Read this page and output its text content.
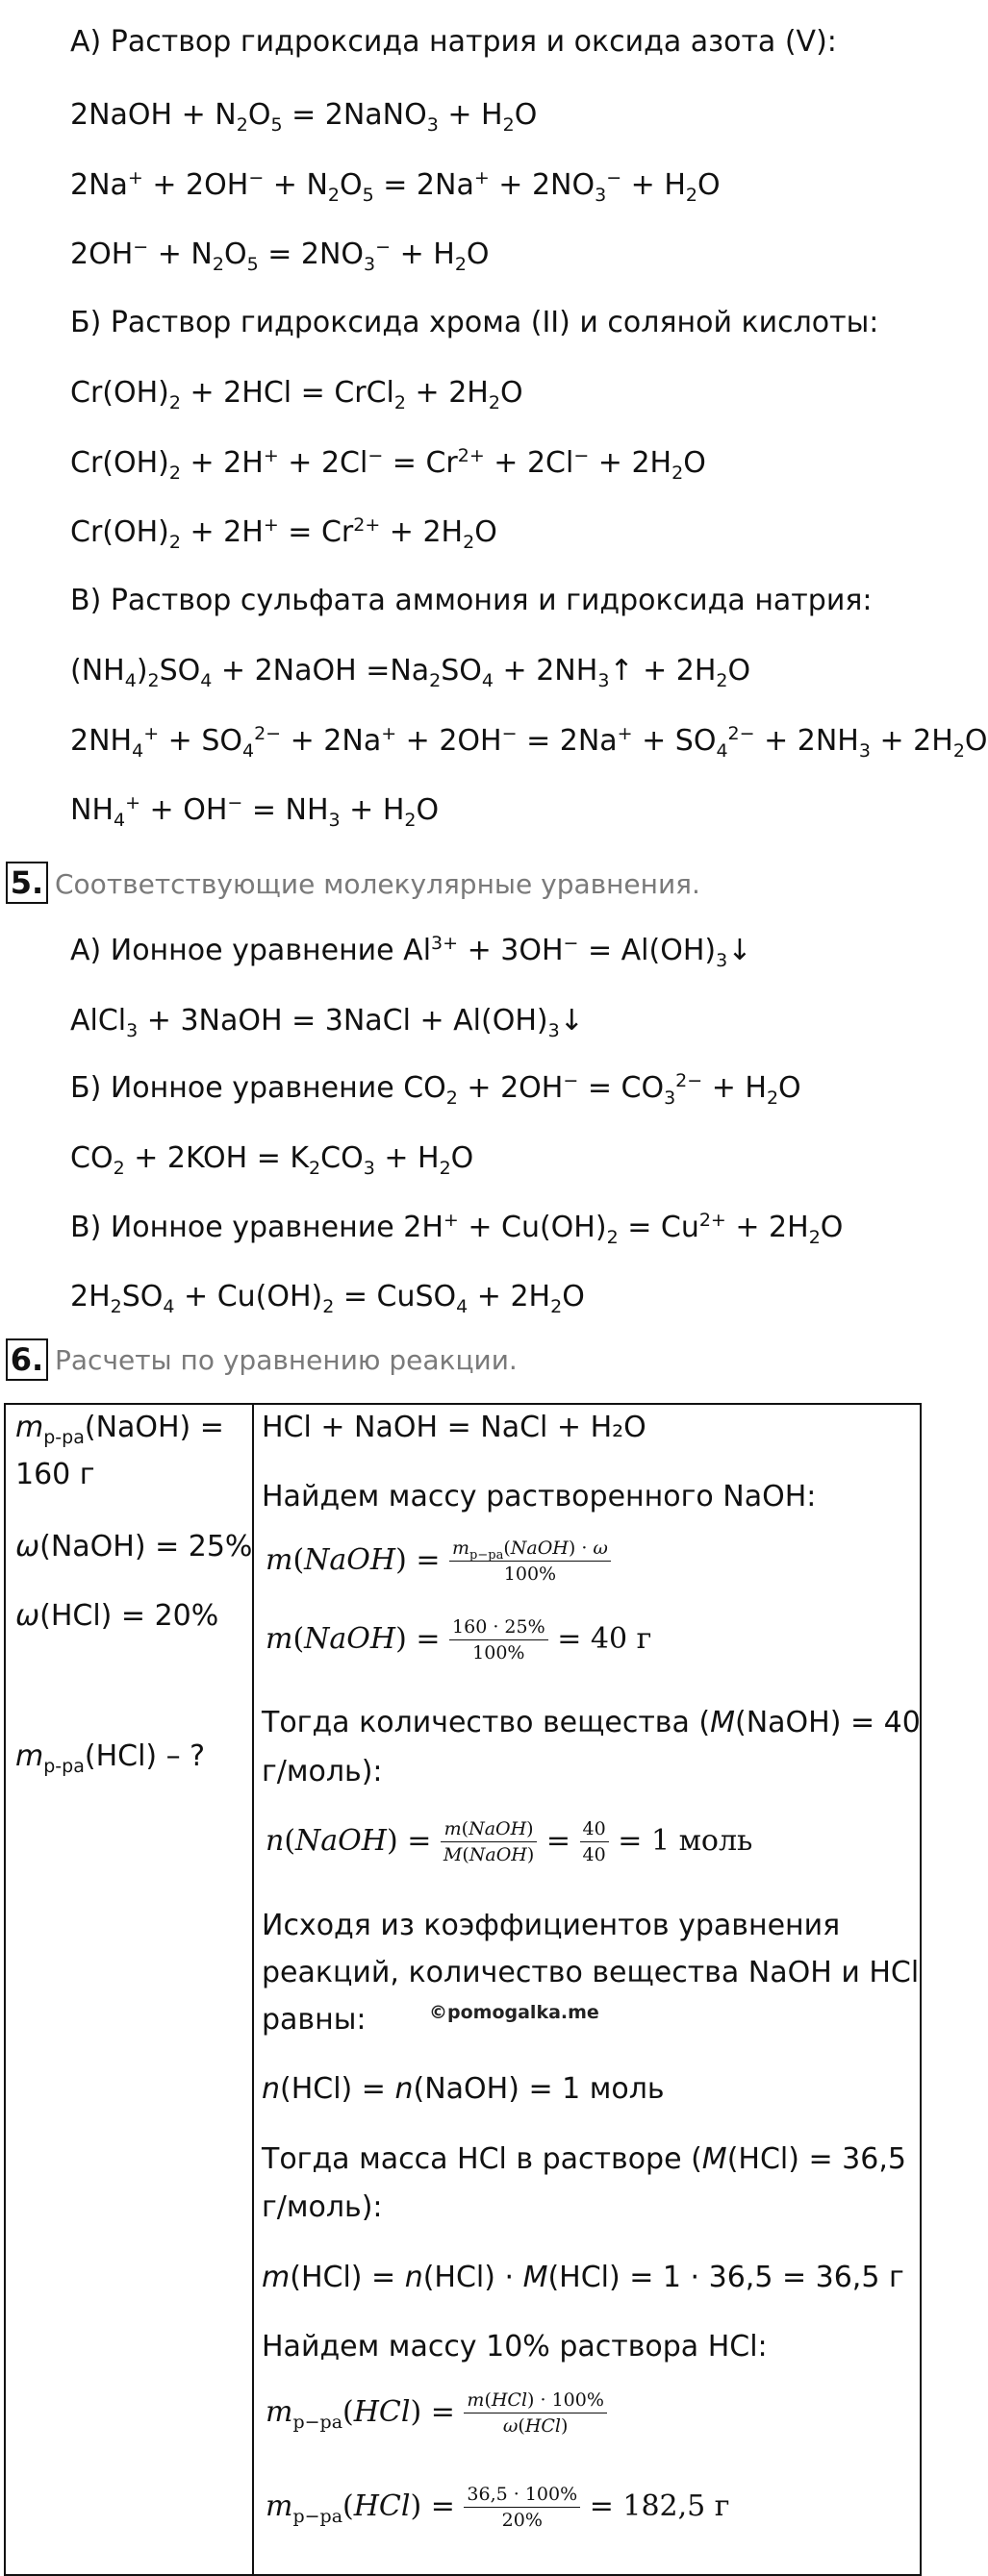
А) Раствор гидроксида натрия и оксида азота (V):
2NaOH + $N_2O_5$ = 2NaNO$_3$ + $H_2O$
$2Na^+ + 2OH^- + N_2O_5 = 2Na^+ + 2NO_3^- + H_2O$
$2OH^- + N_2O_5 = 2NO_3^- + H_2O$
Б) Раствор гидроксида хрома (II) и соляной кислоты:
$Cr(OH)_2 + 2HCl$ = CrCl$_2$ + $2H_2O$
$Cr(OH)_2 + 2H^+ + 2Cl^- = Cr^{2+} + 2Cl^- + 2H_2O$
$Cr(OH)_2 + 2H^+ = Cr^{2+} + 2H_2O$
В) Раствор сульфата аммония и гидроксида натрия:
$(NH_4)_2SO_4$ + 2NaOH $=Na_2SO_4$ + $2NH_3↑ + 2H_2O$
$2NH_4^+ + SO_4^{2-} + 2Na^+ + 2OH^- = 2Na^+ + SO_4^{2-} + 2NH_3 + 2H_2O$
$NH_4^+ + OH^- = NH_3 + H_2O$
5. Соответствующие молекулярные уравнения.
А) Ионное уравнение $Al^{3+} + 3OH^-$ = $Al(OH)_3↓$
AlCl$_3$ + 3NaOH = 3NaCl + $Al(OH)_3↓$
Б) Ионное уравнение $CO_2 + 2OH^- = CO_3^{2-} + H_2O$
$CO_2 + 2KOH = K_2CO_3 + H_2O$
В) Ионное уравнение $2H^+ + Cu(OH)_2 = Cu^{2+} + 2H_2O$
$2H_2SO_4 + Cu(OH)_2$ = CuSO$_4$ + $2H_2O$
6. Расчеты по уравнению реакции.
$m_{р-ра}(NaOH)$ =
160 г
ω(NaOH) = 25%
ω(HCl) = 20%
$m_{р-ра}(HCl)$ – ?

HCl + NaOH = NaCl + H₂O
Найдем массу растворенного NaOH:
m(NaOH) = $\frac{m_{р-ра}(NaOH) \cdot \omega}{100\%}$
m(NaOH) = $\frac{160 \cdot 25\%}{100\%} = 40$ г
Тогда количество вещества (M(NaOH) = 40
г/моль):
n(NaOH) = $\frac{\text{m(NaOH)}}{\text{M(NaOH)}} = \frac{40}{40} = 1$ моль
Исходя из коэффициентов уравнения
реакций, количество вещества NaOH и HCl
равны:
n(HCl) = n(NaOH) = 1 моль
Тогда масса HCl в растворе (M(HCl) = 36,5
г/моль):
m(HCl) = n(HCl) · M(HCl) = 1 · 36,5 = 36,5 г
Найдем массу 10% раствора HCl:
$m_{р-ра}(HCl) = \frac{\text{m(HCl) · 100\%}}{\text{ω(HCl)}}$
$m_{р-ра}(HCl) = \frac{36,5 \cdot 100\%}{20\%} = 182,5$ г
©pomogalka.me
